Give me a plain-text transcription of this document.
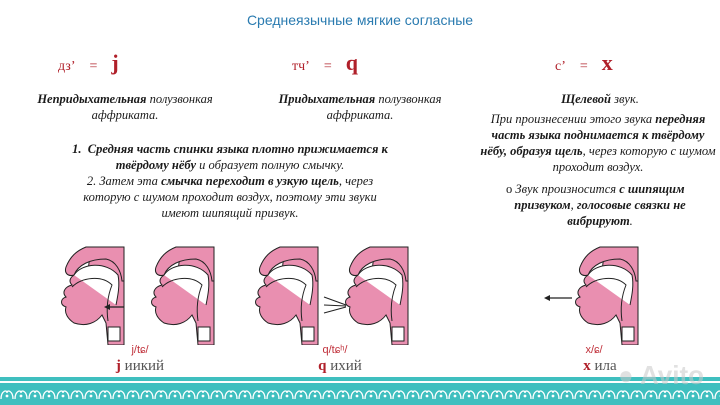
Среднеязычные мягкие согласные
дз’ = j	тч’ = q	с’ = x
Непридыхательная полузвонкая аффриката.
Придыхательная полузвонкая аффриката.
Щелевой звук.
1. Средняя часть спинки языка плотно прижимается к твёрдому нёбу и образует полную смычку.
2. Затем эта смычка переходит в узкую щель, через которую с шумом проходит воздух, поэтому эти звуки имеют шипящий призвук.
При произнесении этого звука передняя часть языка поднимается к твёрдому нёбу, образуя щель, через которую с шумом проходит воздух.
o Звук произносится с шипящим призвуком, голосовые связки не вибрируют.
j/tɕ/	q/tɕʰ/	x/ɕ/
j иикий	q ихий	x ила ● Avito
